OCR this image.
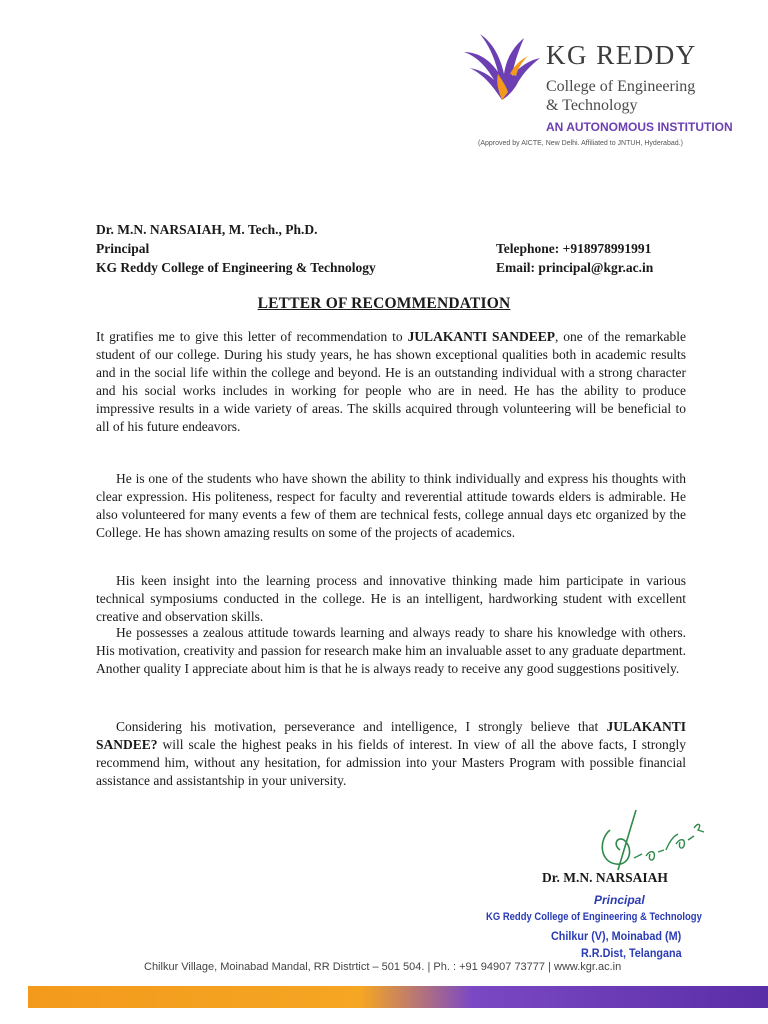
KG REDDY
College of Engineering
& Technology
AN AUTONOMOUS INSTITUTION
(Approved by AICTE, New Delhi. Affiliated to JNTUH, Hyderabad.)
Dr. M.N. NARSAIAH, M. Tech., Ph.D.
Principal
KG Reddy College of Engineering & Technology
Telephone: +918978991991
Email: principal@kgr.ac.in
LETTER OF RECOMMENDATION
It gratifies me to give this letter of recommendation to JULAKANTI SANDEEP, one of the remarkable student of our college. During his study years, he has shown exceptional qualities both in academic results and in the social life within the college and beyond. He is an outstanding individual with a strong character and his social works includes in working for people who are in need. He has the ability to produce impressive results in a wide variety of areas. The skills acquired through volunteering will be beneficial to all of his future endeavors.
He is one of the students who have shown the ability to think individually and express his thoughts with clear expression. His politeness, respect for faculty and reverential attitude towards elders is admirable. He also volunteered for many events a few of them are technical fests, college annual days etc organized by the College. He has shown amazing results on some of the projects of academics.
His keen insight into the learning process and innovative thinking made him participate in various technical symposiums conducted in the college. He is an intelligent, hardworking student with excellent creative and observation skills.
He possesses a zealous attitude towards learning and always ready to share his knowledge with others. His motivation, creativity and passion for research make him an invaluable asset to any graduate department. Another quality I appreciate about him is that he is always ready to receive any good suggestions positively.
Considering his motivation, perseverance and intelligence, I strongly believe that JULAKANTI SANDEE? will scale the highest peaks in his fields of interest. In view of all the above facts, I strongly recommend him, without any hesitation, for admission into your Masters Program with possible financial assistance and assistantship in your university.
Dr. M.N. NARSAIAH
Principal
KG Reddy College of Engineering & Technology
Chilkur (V), Moinabad (M)
R.R.Dist, Telangana
Chilkur Village, Moinabad Mandal, RR Distrtict – 501 504. | Ph. : +91 94907 73777 | www.kgr.ac.in
